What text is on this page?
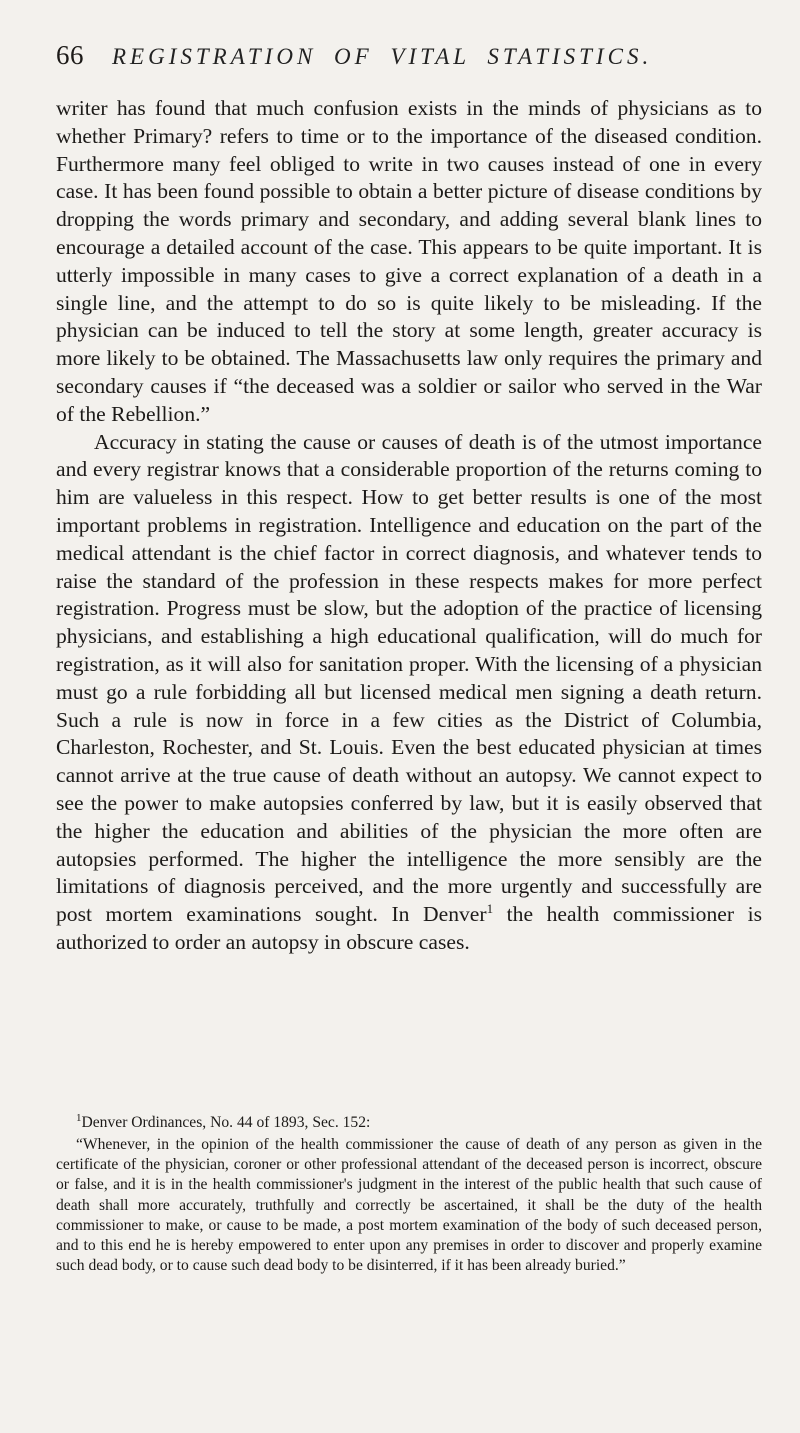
66 REGISTRATION OF VITAL STATISTICS.

writer has found that much confusion exists in the minds of physicians as to whether Primary? refers to time or to the importance of the diseased condition. Furthermore many feel obliged to write in two causes instead of one in every case. It has been found possible to obtain a better picture of disease conditions by dropping the words primary and secondary, and adding several blank lines to encourage a detailed account of the case. This appears to be quite important. It is utterly impossible in many cases to give a correct explanation of a death in a single line, and the attempt to do so is quite likely to be misleading. If the physician can be induced to tell the story at some length, greater accuracy is more likely to be obtained. The Massachusetts law only requires the primary and secondary causes if “the deceased was a soldier or sailor who served in the War of the Rebellion.”

Accuracy in stating the cause or causes of death is of the utmost importance and every registrar knows that a considerable proportion of the returns coming to him are valueless in this respect. How to get better results is one of the most important problems in registration. Intelligence and education on the part of the medical attendant is the chief factor in correct diagnosis, and whatever tends to raise the standard of the profession in these respects makes for more perfect registration. Progress must be slow, but the adoption of the practice of licensing physicians, and establishing a high educational qualification, will do much for registration, as it will also for sanitation proper. With the licensing of a physician must go a rule forbidding all but licensed medical men signing a death return. Such a rule is now in force in a few cities as the District of Columbia, Charleston, Rochester, and St. Louis. Even the best educated physician at times cannot arrive at the true cause of death without an autopsy. We cannot expect to see the power to make autopsies conferred by law, but it is easily observed that the higher the education and abilities of the physician the more often are autopsies performed. The higher the intelligence the more sensibly are the limitations of diagnosis perceived, and the more urgently and successfully are post mortem examinations sought. In Denver$^1$ the health commissioner is authorized to order an autopsy in obscure cases.

$^1$Denver Ordinances, No. 44 of 1893, Sec. 152:

“Whenever, in the opinion of the health commissioner the cause of death of any person as given in the certificate of the physician, coroner or other professional attendant of the deceased person is incorrect, obscure or false, and it is in the health commissioner's judgment in the interest of the public health that such cause of death shall more accurately, truthfully and correctly be ascertained, it shall be the duty of the health commissioner to make, or cause to be made, a post mortem examination of the body of such deceased person, and to this end he is hereby empowered to enter upon any premises in order to discover and properly examine such dead body, or to cause such dead body to be disinterred, if it has been already buried.”
